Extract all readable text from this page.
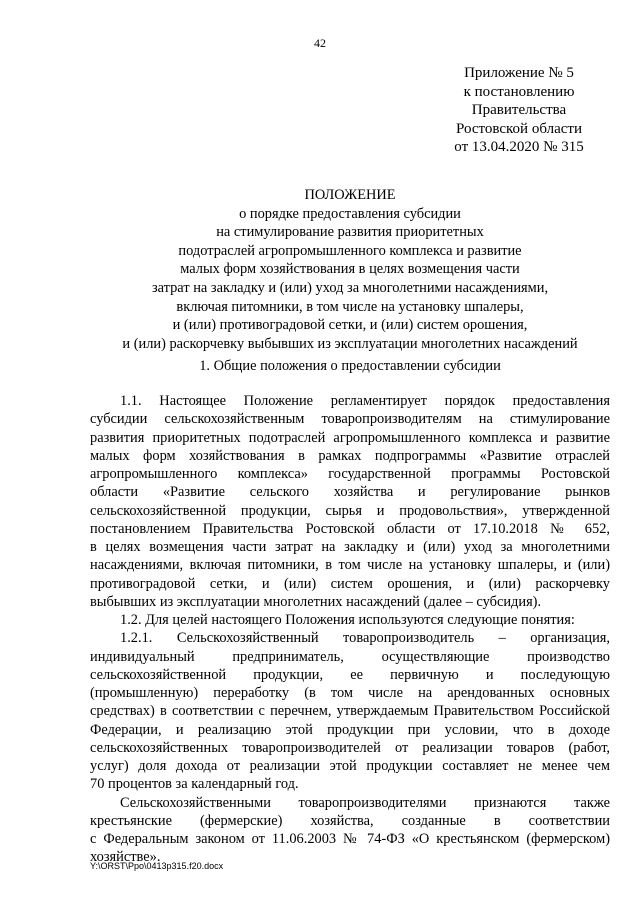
42
Приложение № 5
к постановлению
Правительства
Ростовской области
от 13.04.2020 № 315
ПОЛОЖЕНИЕ
о порядке предоставления субсидии
на стимулирование развития приоритетных
подотраслей агропромышленного комплекса и развитие
малых форм хозяйствования в целях возмещения части
затрат на закладку и (или) уход за многолетними насаждениями,
включая питомники, в том числе на установку шпалеры,
и (или) противоградовой сетки, и (или) систем орошения,
и (или) раскорчевку выбывших из эксплуатации многолетних насаждений
1. Общие положения о предоставлении субсидии
1.1. Настоящее Положение регламентирует порядок предоставления
субсидии сельскохозяйственным товаропроизводителям на стимулирование
развития приоритетных подотраслей агропромышленного комплекса и развитие
малых форм хозяйствования в рамках подпрограммы «Развитие отраслей
агропромышленного комплекса» государственной программы Ростовской
области «Развитие сельского хозяйства и регулирование рынков
сельскохозяйственной продукции, сырья и продовольствия», утвержденной
постановлением Правительства Ростовской области от 17.10.2018 № 652,
в целях возмещения части затрат на закладку и (или) уход за многолетними
насаждениями, включая питомники, в том числе на установку шпалеры, и (или)
противоградовой сетки, и (или) систем орошения, и (или) раскорчевку
выбывших из эксплуатации многолетних насаждений (далее – субсидия).
1.2. Для целей настоящего Положения используются следующие понятия:
1.2.1. Сельскохозяйственный товаропроизводитель – организация,
индивидуальный предприниматель, осуществляющие производство
сельскохозяйственной продукции, ее первичную и последующую
(промышленную) переработку (в том числе на арендованных основных
средствах) в соответствии с перечнем, утверждаемым Правительством Российской
Федерации, и реализацию этой продукции при условии, что в доходе
сельскохозяйственных товаропроизводителей от реализации товаров (работ,
услуг) доля дохода от реализации этой продукции составляет не менее чем
70 процентов за календарный год.
Сельскохозяйственными товаропроизводителями признаются также
крестьянские (фермерские) хозяйства, созданные в соответствии
с Федеральным законом от 11.06.2003 № 74-ФЗ «О крестьянском (фермерском)
хозяйстве».
Y:\ORST\Ppo\0413p315.f20.docx
